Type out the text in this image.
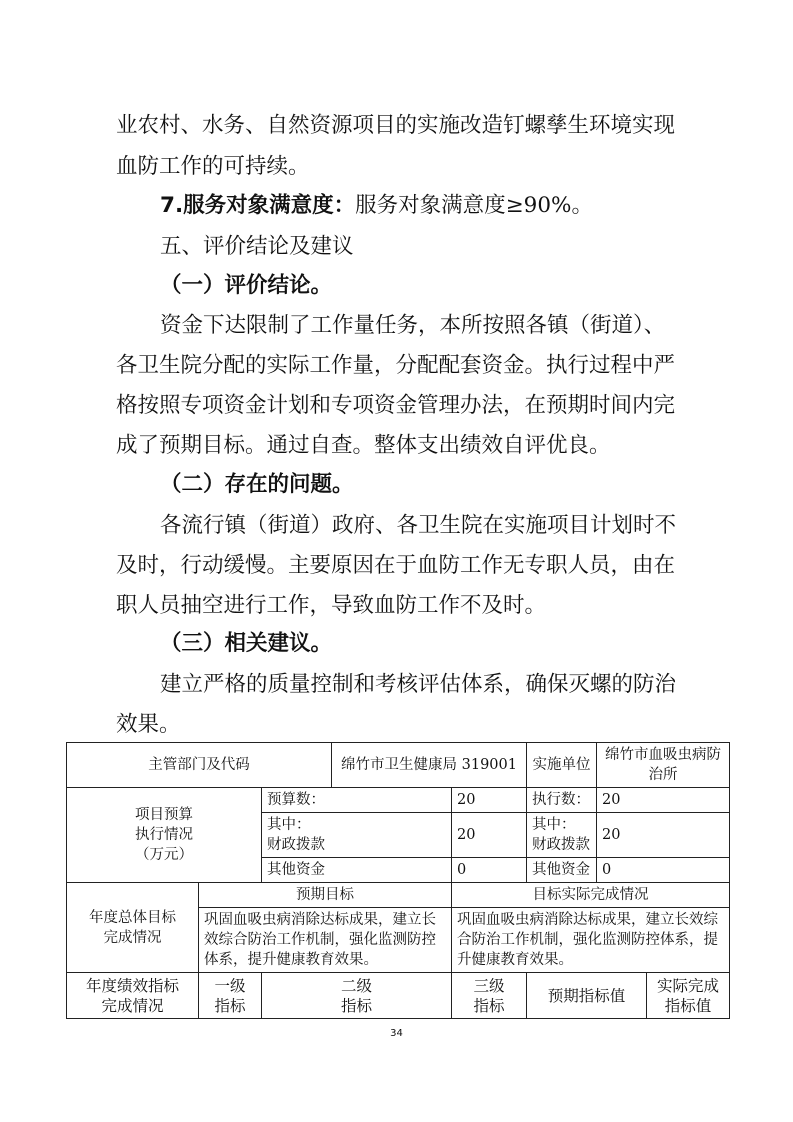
业农村、水务、自然资源项目的实施改造钉螺孳生环境实现
血防工作的可持续。
7.服务对象满意度：服务对象满意度≥90%。
五、评价结论及建议
（一）评价结论。
资金下达限制了工作量任务，本所按照各镇（街道）、
各卫生院分配的实际工作量，分配配套资金。执行过程中严
格按照专项资金计划和专项资金管理办法，在预期时间内完
成了预期目标。通过自查。整体支出绩效自评优良。
（二）存在的问题。
各流行镇（街道）政府、各卫生院在实施项目计划时不
及时，行动缓慢。主要原因在于血防工作无专职人员，由在
职人员抽空进行工作，导致血防工作不及时。
（三）相关建议。
建立严格的质量控制和考核评估体系，确保灭螺的防治
效果。
主管部门及代码			绵竹市卫生健康局 319001		实施单位	绵竹市血吸虫病防治所	
项目预算
执行情况
（万元）		预算数：		20	执行数：	20	
		其中：
财政拨款		20	其中：
财政拨款	20	
		其他资金		0	其他资金	0	
年度总体目标
完成情况	预期目标			目标实际完成情况			
	巩固血吸虫病消除达标成果，建立长效综合防治工作机制，强化监测防控体系，提升健康教育效果。			巩固血吸虫病消除达标成果，建立长效综合防治工作机制，强化监测防控体系，提升健康教育效果。			
年度绩效指标
完成情况	一级
指标	二级
指标		三级
指标	预期指标值		实际完成指标值
34
